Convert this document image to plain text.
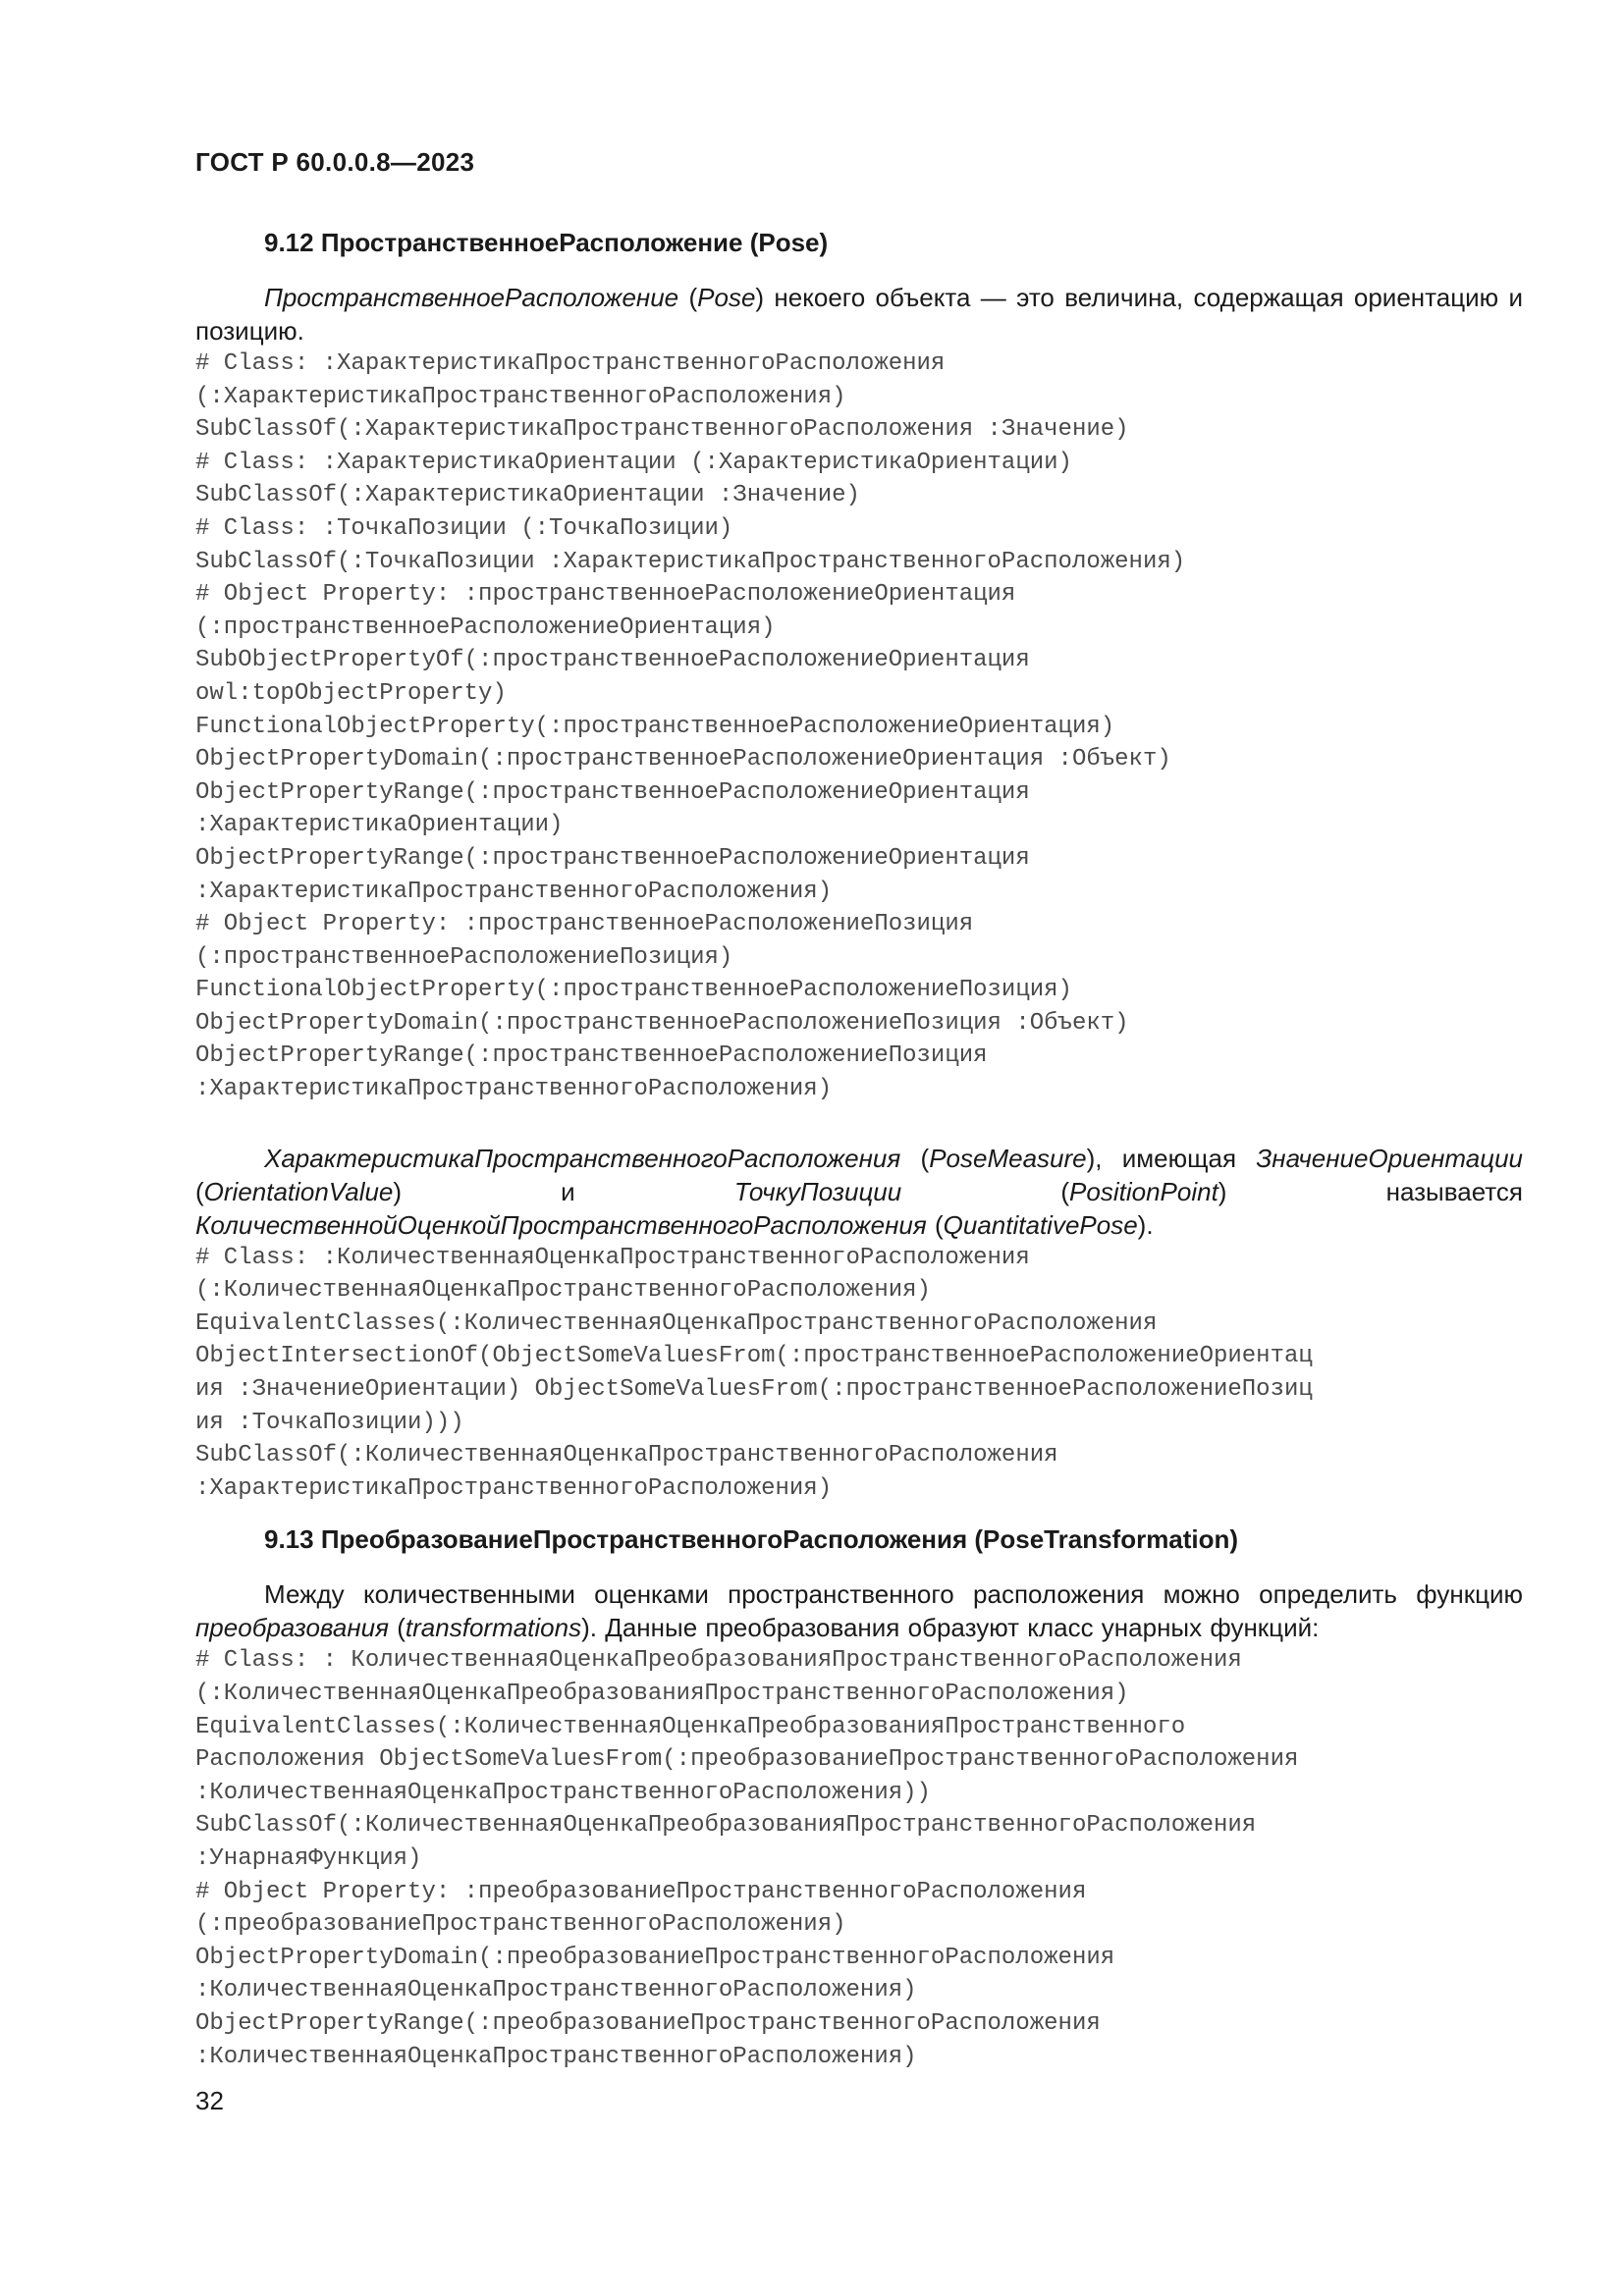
ГОСТ Р 60.0.0.8—2023
9.12 ПространственноеРасположение (Pose)

ПространственноеРасположение (Pose) некоего объекта — это величина, содержащая ориентацию и позицию.

# Class: :ХарактеристикаПространственногоРасположения
(:ХарактеристикаПространственногоРасположения)
SubClassOf(:ХарактеристикаПространственногоРасположения :Значение)
# Class: :ХарактеристикаОриентации (:ХарактеристикаОриентации)
SubClassOf(:ХарактеристикаОриентации :Значение)
# Class: :ТочкаПозиции (:ТочкаПозиции)
SubClassOf(:ТочкаПозиции :ХарактеристикаПространственногоРасположения)
# Object Property: :пространственноеРасположениеОриентация
(:пространственноеРасположениеОриентация)
SubObjectPropertyOf(:пространственноеРасположениеОриентация
owl:topObjectProperty)
FunctionalObjectProperty(:пространственноеРасположениеОриентация)
ObjectPropertyDomain(:пространственноеРасположениеОриентация :Объект)
ObjectPropertyRange(:пространственноеРасположениеОриентация
:ХарактеристикаОриентации)
ObjectPropertyRange(:пространственноеРасположениеОриентация
:ХарактеристикаПространственногоРасположения)
# Object Property: :пространственноеРасположениеПозиция
(:пространственноеРасположениеПозиция)
FunctionalObjectProperty(:пространственноеРасположениеПозиция)
ObjectPropertyDomain(:пространственноеРасположениеПозиция :Объект)
ObjectPropertyRange(:пространственноеРасположениеПозиция
:ХарактеристикаПространственногоРасположения)

ХарактеристикаПространственногоРасположения (PoseMeasure), имеющая ЗначениеОриентации (OrientationValue) и ТочкуПозиции (PositionPoint) называется КоличественнойОценкойПространственногоРасположения (QuantitativePose).

# Class: :КоличественнаяОценкаПространственногоРасположения
(:КоличественнаяОценкаПространственногоРасположения)
EquivalentClasses(:КоличественнаяОценкаПространственногоРасположения
ObjectIntersectionOf(ObjectSomeValuesFrom(:пространственноеРасположениеОриентац
ия :ЗначениеОриентации) ObjectSomeValuesFrom(:пространственноеРасположениеПозиц
ия :ТочкаПозиции)))
SubClassOf(:КоличественнаяОценкаПространственногоРасположения
:ХарактеристикаПространственногоРасположения)
9.13 ПреобразованиеПространственногоРасположения (PoseTransformation)

Между количественными оценками пространственного расположения можно определить функцию преобразования (transformations). Данные преобразования образуют класс унарных функций:

# Class: : КоличественнаяОценкаПреобразованияПространственногоРасположения
(:КоличественнаяОценкаПреобразованияПространственногоРасположения)
EquivalentClasses(:КоличественнаяОценкаПреобразованияПространственного
Расположения ObjectSomeValuesFrom(:преобразованиеПространственногоРасположения
:КоличественнаяОценкаПространственногоРасположения))
SubClassOf(:КоличественнаяОценкаПреобразованияПространственногоРасположения
:УнарнаяФункция)
# Object Property: :преобразованиеПространственногоРасположения
(:преобразованиеПространственногоРасположения)
ObjectPropertyDomain(:преобразованиеПространственногоРасположения
:КоличественнаяОценкаПространственногоРасположения)
ObjectPropertyRange(:преобразованиеПространственногоРасположения
:КоличественнаяОценкаПространственногоРасположения)
32
